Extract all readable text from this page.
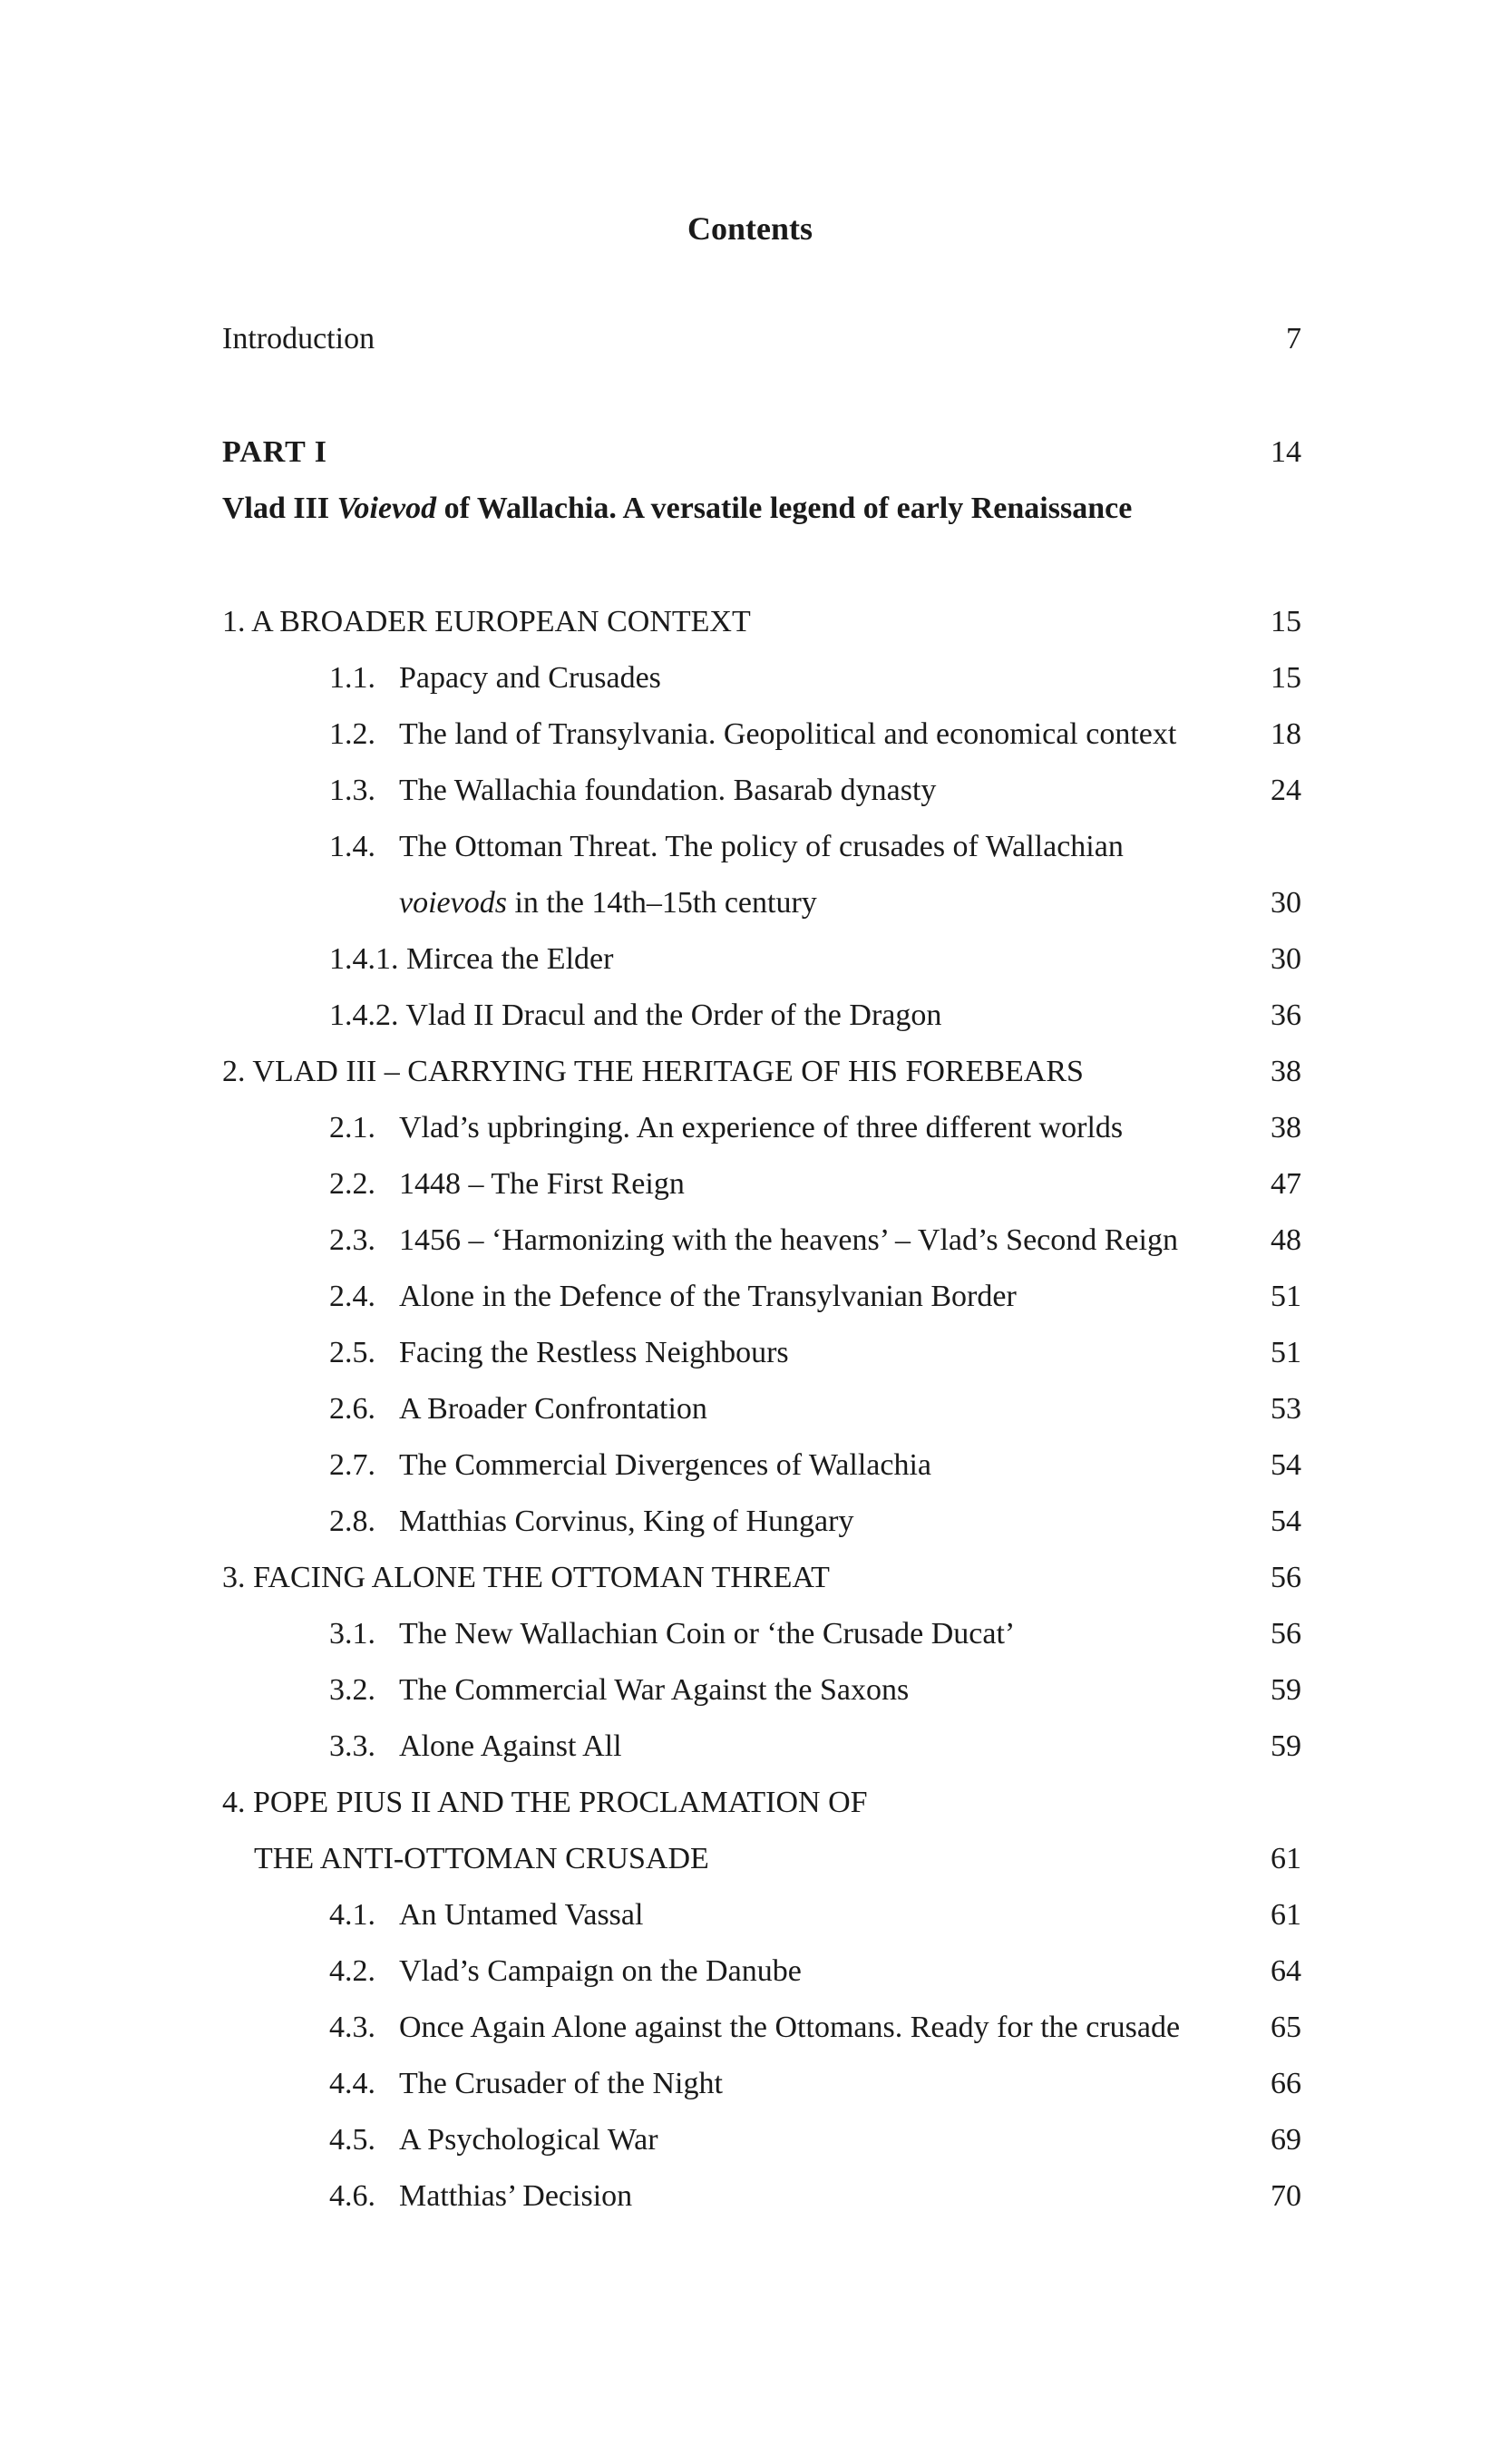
Contents
Introduction	7
PART I	14
Vlad III Voievod of Wallachia. A versatile legend of early Renaissance
1. A BROADER EUROPEAN CONTEXT	15
1.1. Papacy and Crusades	15
1.2. The land of Transylvania. Geopolitical and economical context	18
1.3. The Wallachia foundation. Basarab dynasty	24
1.4. The Ottoman Threat. The policy of crusades of Wallachian
voievods in the 14th–15th century	30
1.4.1. Mircea the Elder	30
1.4.2. Vlad II Dracul and the Order of the Dragon	36
2. VLAD III – CARRYING THE HERITAGE OF HIS FOREBEARS	38
2.1. Vlad’s upbringing. An experience of three different worlds	38
2.2. 1448 – The First Reign	47
2.3. 1456 – ‘Harmonizing with the heavens’ – Vlad’s Second Reign	48
2.4. Alone in the Defence of the Transylvanian Border	51
2.5. Facing the Restless Neighbours	51
2.6. A Broader Confrontation	53
2.7. The Commercial Divergences of Wallachia	54
2.8. Matthias Corvinus, King of Hungary	54
3. FACING ALONE THE OTTOMAN THREAT	56
3.1. The New Wallachian Coin or ‘the Crusade Ducat’	56
3.2. The Commercial War Against the Saxons	59
3.3. Alone Against All	59
4. POPE PIUS II AND THE PROCLAMATION OF
THE ANTI-OTTOMAN CRUSADE	61
4.1. An Untamed Vassal	61
4.2. Vlad’s Campaign on the Danube	64
4.3. Once Again Alone against the Ottomans. Ready for the crusade	65
4.4. The Crusader of the Night	66
4.5. A Psychological War	69
4.6. Matthias’ Decision	70
